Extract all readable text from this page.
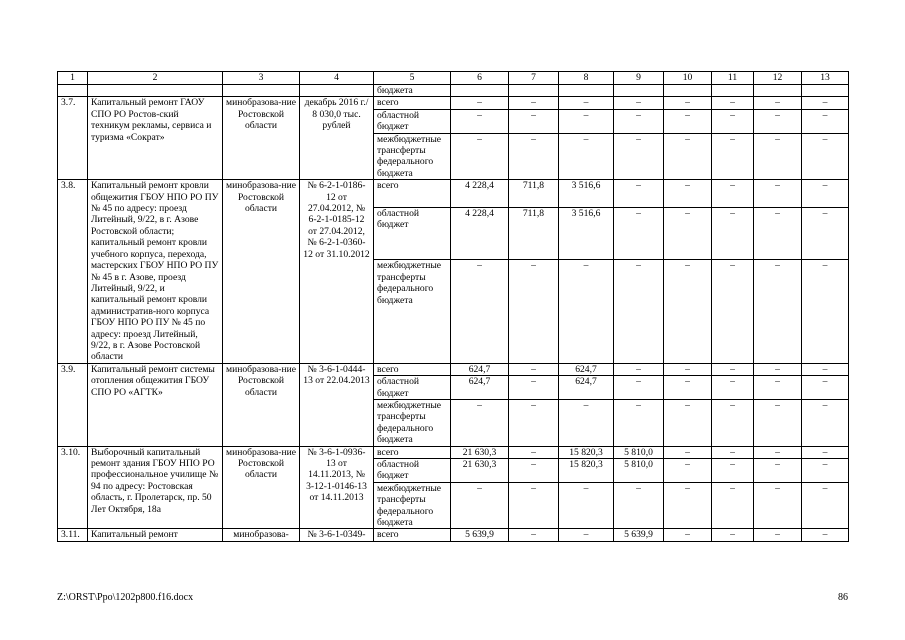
1	2	3	4	5	6	7	8	9	10	11	12	13
				бюджета								
3.7.	Капитальный ремонт ГАОУ СПО РО Ростов-ский техникум рекламы, сервиса и туризма «Сократ»	минобразова-ние Ростовской области	декабрь 2016 г./ 8 030,0 тыс. рублей	всего	–	–	–	–	–	–	–	–
				областной бюджет	–	–	–	–	–	–	–	–
				межбюджетные трансферты федерального бюджета	–	–	–	–	–	–	–	–
3.8.	Капитальный ремонт кровли общежития ГБОУ НПО РО ПУ № 45 по адресу: проезд Литейный, 9/22, в г. Азове Ростовской области; капитальный ремонт кровли учебного корпуса, перехода, мастерских ГБОУ НПО РО ПУ № 45 в г. Азове, проезд Литейный, 9/22, и капитальный ремонт кровли административ-ного корпуса ГБОУ НПО РО ПУ № 45 по адресу: проезд Литейный, 9/22, в г. Азове Ростовской области	минобразова-ние Ростовской области	№ 6-2-1-0186-12 от 27.04.2012, № 6-2-1-0185-12 от 27.04.2012, № 6-2-1-0360-12 от 31.10.2012	всего	4 228,4	711,8	3 516,6	–	–	–	–	–
				областной бюджет	4 228,4	711,8	3 516,6	–	–	–	–	–
				межбюджетные трансферты федерального бюджета	–	–	–	–	–	–	–	–
3.9.	Капитальный ремонт системы отопления общежития ГБОУ СПО РО «АГТК»	минобразова-ние Ростовской области	№ 3-6-1-0444-13 от 22.04.2013	всего	624,7	–	624,7	–	–	–	–	–
				областной бюджет	624,7	–	624,7	–	–	–	–	–
				межбюджетные трансферты федерального бюджета	–	–	–	–	–	–	–	–
3.10.	Выборочный капитальный ремонт здания ГБОУ НПО РО профессиональное училище № 94 по адресу: Ростовская область, г. Пролетарск, пр. 50 Лет Октября, 18а	минобразова-ние Ростовской области	№ 3-6-1-0936-13 от 14.11.2013, № 3-12-1-0146-13 от 14.11.2013	всего	21 630,3	–	15 820,3	5 810,0	–	–	–	–
				областной бюджет	21 630,3	–	15 820,3	5 810,0	–	–	–	–
				межбюджетные трансферты федерального бюджета	–	–	–	–	–	–	–	–
3.11.	Капитальный ремонт	минобразова-	№ 3-6-1-0349-	всего	5 639,9	–	–	5 639,9	–	–	–	–
Z:\ORST\Ppo\1202p800.f16.docx	86
